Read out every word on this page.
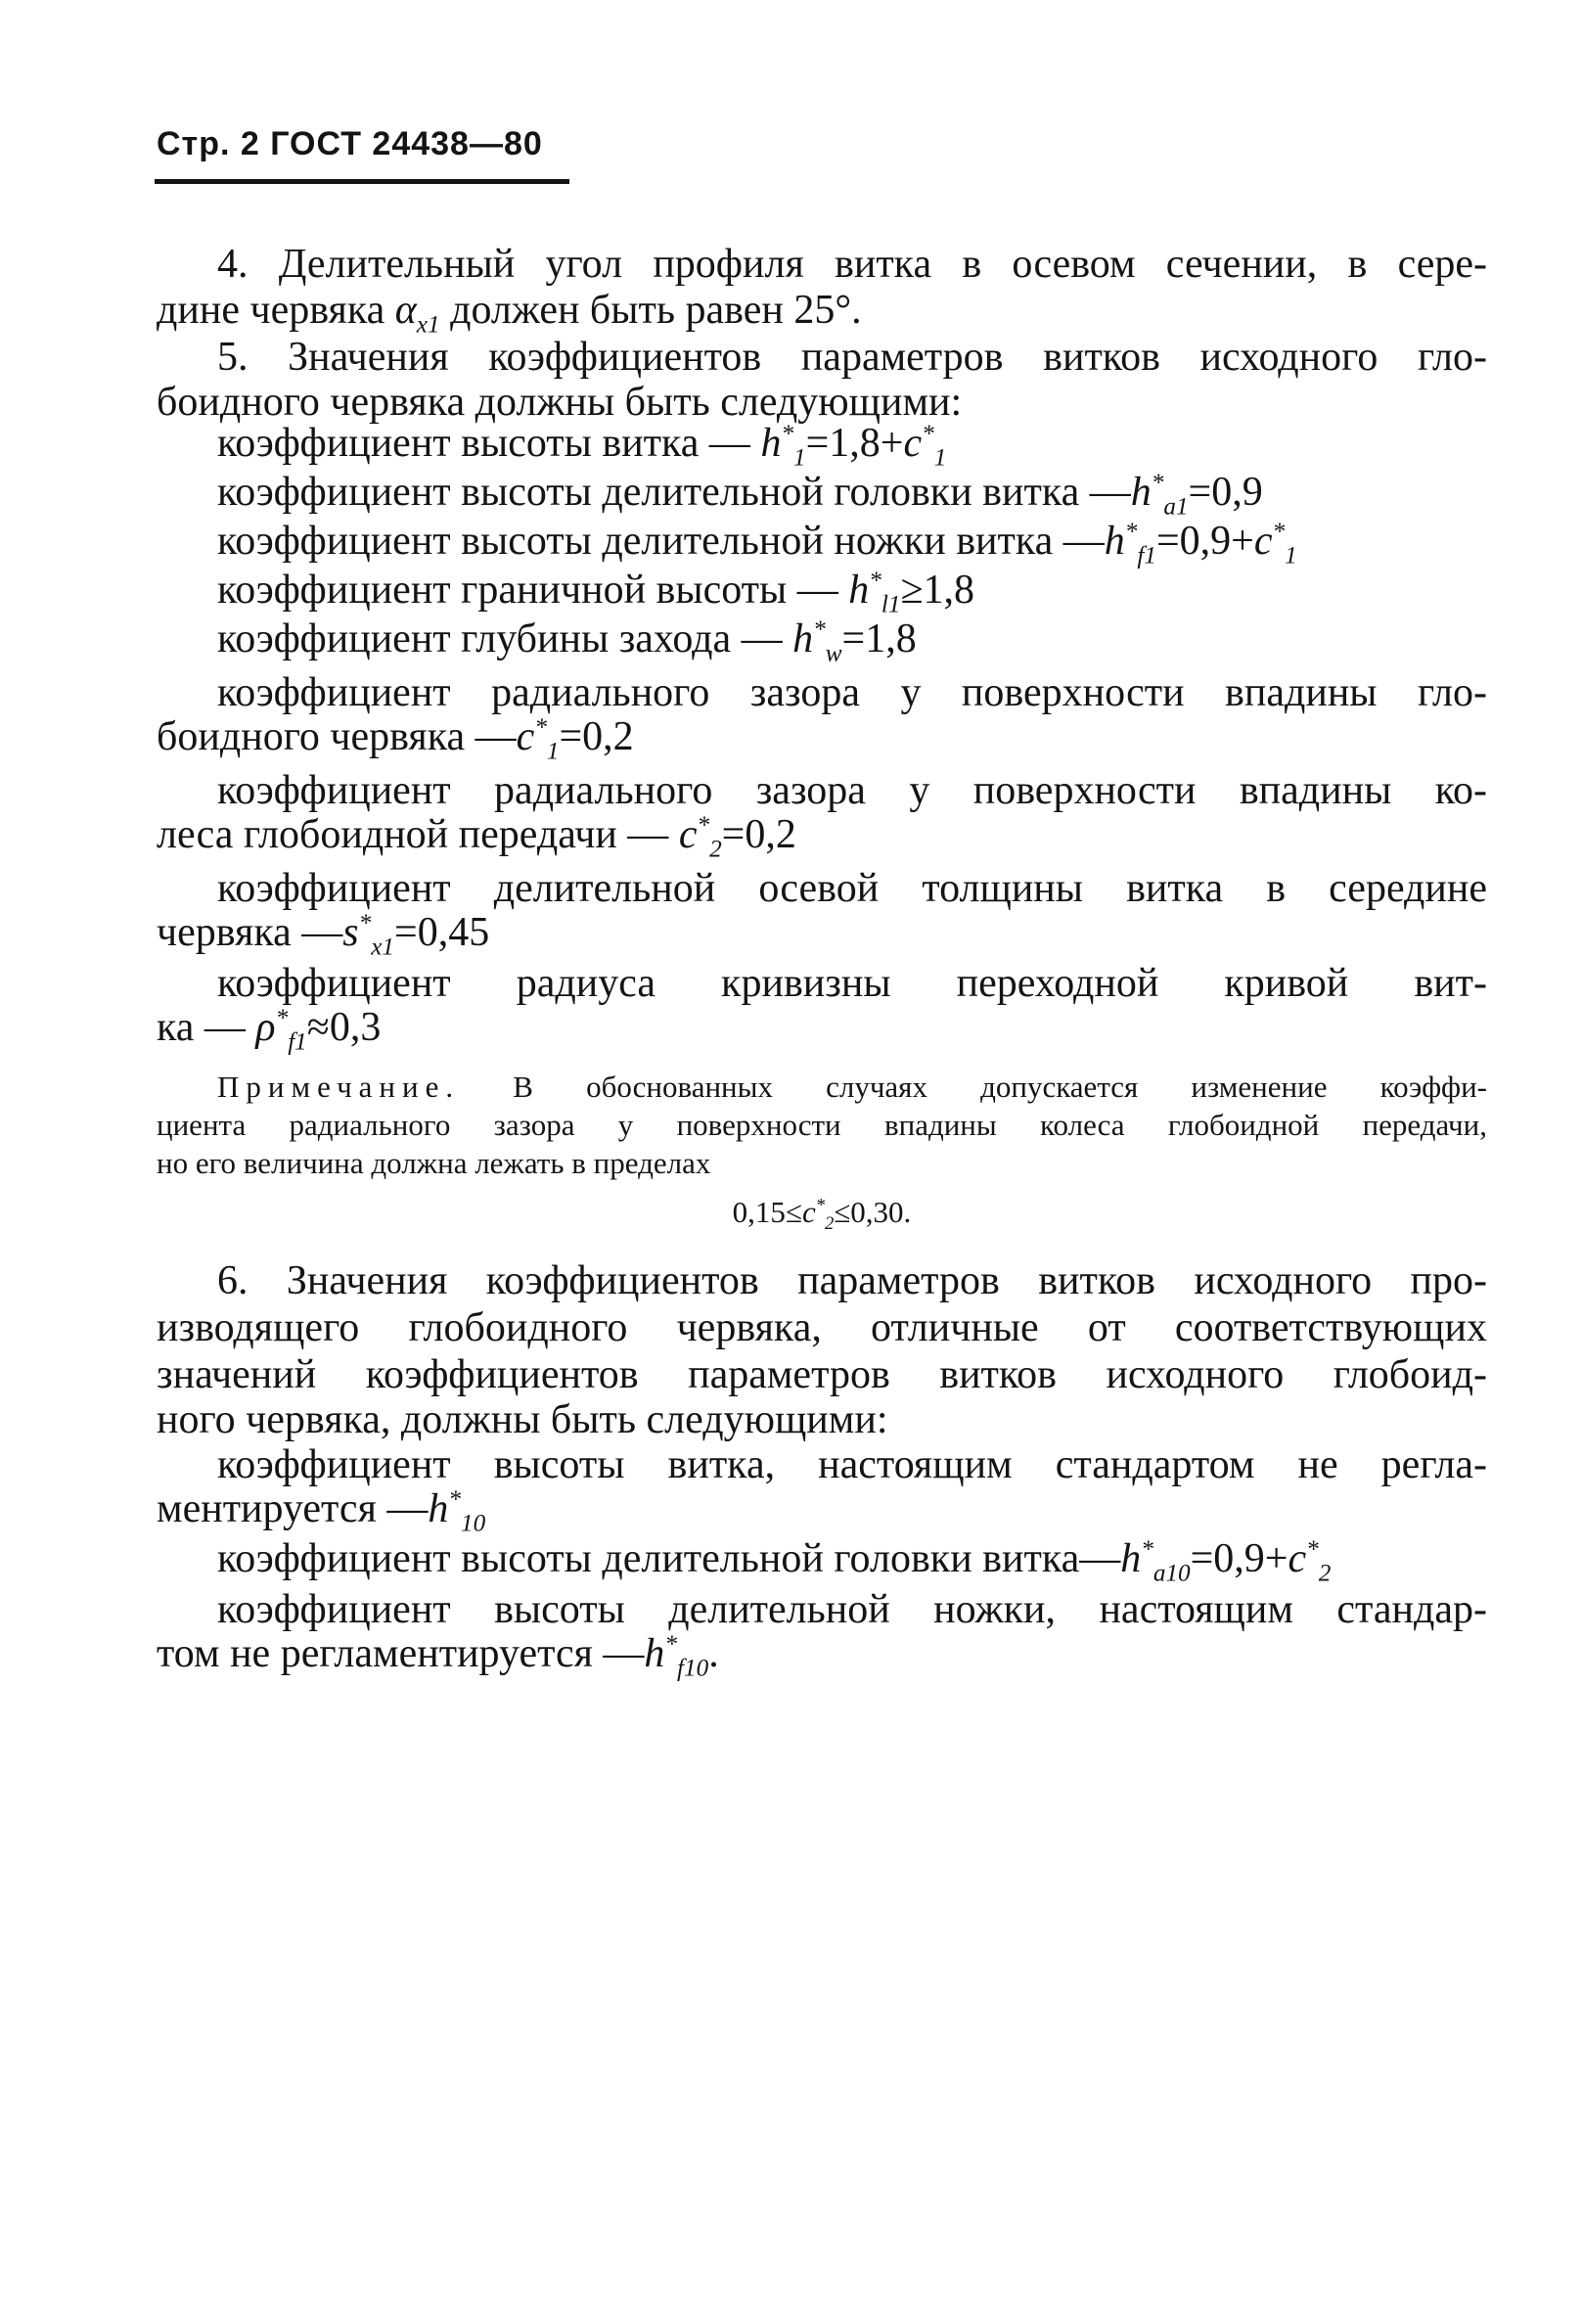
Стр. 2 ГОСТ 24438—80
4. Делительный угол профиля витка в осевом сечении, в сере-
дине червяка $\alpha_{x1}$ должен быть равен 25°.
5. Значения коэффициентов параметров витков исходного гло-
боидного червяка должны быть следующими:
коэффициент высоты витка — $h^*_1=1,8+c^*_1$
коэффициент высоты делительной головки витка $—h^*_{a1}=0,9$
коэффициент высоты делительной ножки витка $—h^*_{f1}=0,9+c^*_1$
коэффициент граничной высоты — $h^*_{l1}\ge 1,8$
коэффициент глубины захода — $h^*_w=1,8$
коэффициент радиального зазора у поверхности впадины гло-
боидного червяка $—c^*_1=0,2$
коэффициент радиального зазора у поверхности впадины ко-
леса глобоидной передачи — $c^*_2=0,2$
коэффициент делительной осевой толщины витка в середине
червяка $—s^*_{x1}=0,45$
коэффициент радиуса кривизны переходной кривой вит-
ка — $\rho^*_{f1}\approx 0,3$
Примечание. В обоснованных случаях допускается изменение коэффи-
циента радиального зазора у поверхности впадины колеса глобоидной передачи,
но его величина должна лежать в пределах
$0,15\le c^*_2\le 0,30$.
6. Значения коэффициентов параметров витков исходного про-
изводящего глобоидного червяка, отличные от соответствующих
значений коэффициентов параметров витков исходного глобоид-
ного червяка, должны быть следующими:
коэффициент высоты витка, настоящим стандартом не регла-
ментируется $—h^*_{10}$
коэффициент высоты делительной головки $витка—h^*_{a10}=0,9+c^*_2$
коэффициент высоты делительной ножки, настоящим стандар-
том не регламентируется $—h^*_{f10}$.
